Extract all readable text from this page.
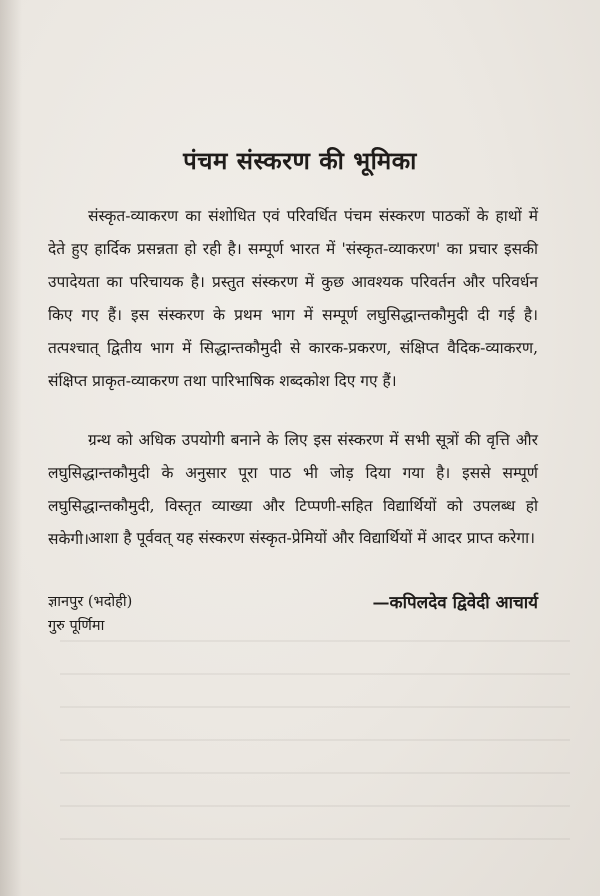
पंचम संस्करण की भूमिका

संस्कृत-व्याकरण का संशोधित एवं परिवर्धित पंचम संस्करण पाठकों के हाथों में देते हुए हार्दिक प्रसन्नता हो रही है। सम्पूर्ण भारत में 'संस्कृत-व्याकरण' का प्रचार इसकी उपादेयता का परिचायक है। प्रस्तुत संस्करण में कुछ आवश्यक परिवर्तन और परिवर्धन किए गए हैं। इस संस्करण के प्रथम भाग में सम्पूर्ण लघुसिद्धान्तकौमुदी दी गई है। तत्पश्चात् द्वितीय भाग में सिद्धान्तकौमुदी से कारक-प्रकरण, संक्षिप्त वैदिक-व्याकरण, संक्षिप्त प्राकृत-व्याकरण तथा पारिभाषिक शब्दकोश दिए गए हैं।

ग्रन्थ को अधिक उपयोगी बनाने के लिए इस संस्करण में सभी सूत्रों की वृत्ति और लघुसिद्धान्तकौमुदी के अनुसार पूरा पाठ भी जोड़ दिया गया है। इससे सम्पूर्ण लघुसिद्धान्तकौमुदी, विस्तृत व्याख्या और टिप्पणी-सहित विद्यार्थियों को उपलब्ध हो सकेगी। आशा है पूर्ववत् यह संस्करण संस्कृत-प्रेमियों और विद्यार्थियों में आदर प्राप्त करेगा।

ज्ञानपुर (भदोही)
गुरु पूर्णिमा

—कपिलदेव द्विवेदी आचार्य
